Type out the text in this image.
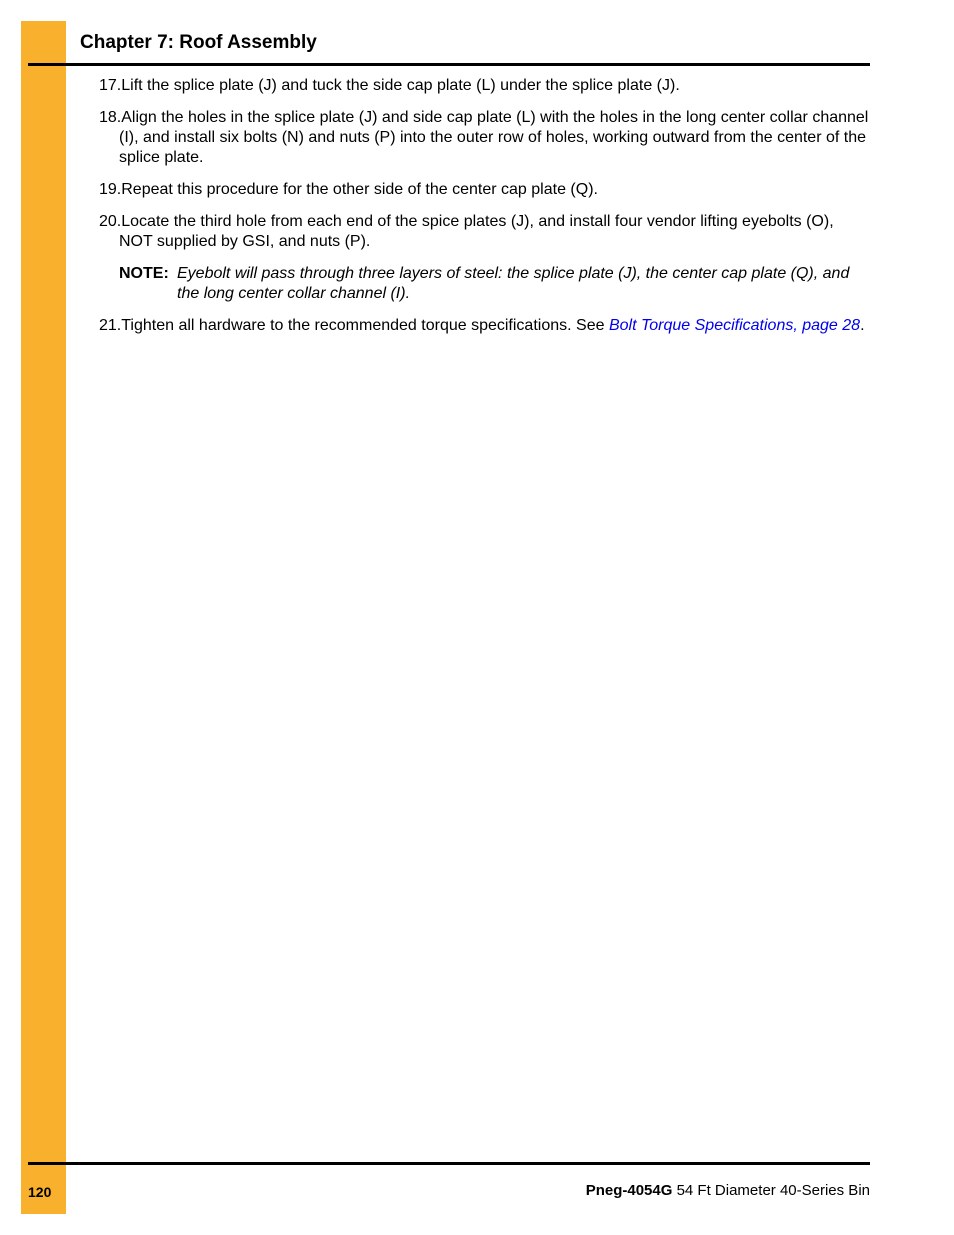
Chapter 7: Roof Assembly
17.Lift the splice plate (J) and tuck the side cap plate (L) under the splice plate (J).
18.Align the holes in the splice plate (J) and side cap plate (L) with the holes in the long center collar channel (I), and install six bolts (N) and nuts (P) into the outer row of holes, working outward from the center of the splice plate.
19.Repeat this procedure for the other side of the center cap plate (Q).
20.Locate the third hole from each end of the spice plates (J), and install four vendor lifting eyebolts (O), NOT supplied by GSI, and nuts (P).
NOTE: Eyebolt will pass through three layers of steel: the splice plate (J), the center cap plate (Q), and the long center collar channel (I).
21.Tighten all hardware to the recommended torque specifications. See Bolt Torque Specifications, page 28.
120	Pneg-4054G 54 Ft Diameter 40-Series Bin
